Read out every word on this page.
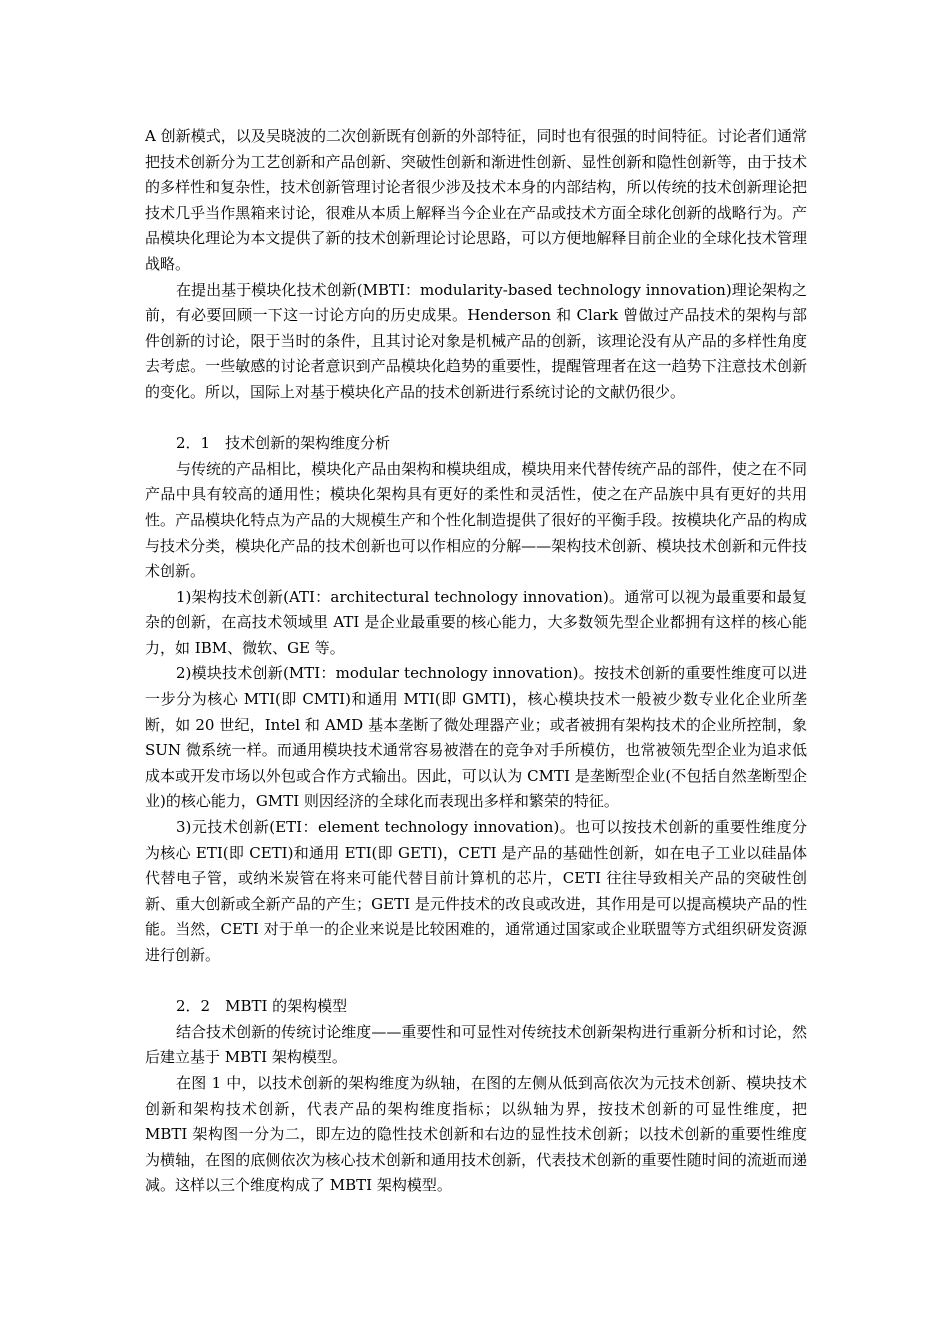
A 创新模式，以及吴晓波的二次创新既有创新的外部特征，同时也有很强的时间特征。讨论者们通常把技术创新分为工艺创新和产品创新、突破性创新和渐进性创新、显性创新和隐性创新等，由于技术的多样性和复杂性，技术创新管理讨论者很少涉及技术本身的内部结构，所以传统的技术创新理论把技术几乎当作黑箱来讨论，很难从本质上解释当今企业在产品或技术方面全球化创新的战略行为。产品模块化理论为本文提供了新的技术创新理论讨论思路，可以方便地解释目前企业的全球化技术管理战略。

在提出基于模块化技术创新(MBTI：modularity-based technology innovation)理论架构之前，有必要回顾一下这一讨论方向的历史成果。Henderson 和 Clark 曾做过产品技术的架构与部件创新的讨论，限于当时的条件，且其讨论对象是机械产品的创新，该理论没有从产品的多样性角度去考虑。一些敏感的讨论者意识到产品模块化趋势的重要性，提醒管理者在这一趋势下注意技术创新的变化。所以，国际上对基于模块化产品的技术创新进行系统讨论的文献仍很少。

2．1　技术创新的架构维度分析

与传统的产品相比，模块化产品由架构和模块组成，模块用来代替传统产品的部件，使之在不同产品中具有较高的通用性；模块化架构具有更好的柔性和灵活性，使之在产品族中具有更好的共用性。产品模块化特点为产品的大规模生产和个性化制造提供了很好的平衡手段。按模块化产品的构成与技术分类，模块化产品的技术创新也可以作相应的分解——架构技术创新、模块技术创新和元件技术创新。

1)架构技术创新(ATI：architectural technology innovation)。通常可以视为最重要和最复杂的创新，在高技术领域里 ATI 是企业最重要的核心能力，大多数领先型企业都拥有这样的核心能力，如 IBM、微软、GE 等。

2)模块技术创新(MTI：modular technology innovation)。按技术创新的重要性维度可以进一步分为核心 MTI(即 CMTI)和通用 MTI(即 GMTI)，核心模块技术一般被少数专业化企业所垄断，如 20 世纪，Intel 和 AMD 基本垄断了微处理器产业；或者被拥有架构技术的企业所控制，象 SUN 微系统一样。而通用模块技术通常容易被潜在的竞争对手所模仿，也常被领先型企业为追求低成本或开发市场以外包或合作方式输出。因此，可以认为 CMTI 是垄断型企业(不包括自然垄断型企业)的核心能力，GMTI 则因经济的全球化而表现出多样和繁荣的特征。

3)元技术创新(ETI：element technology innovation)。也可以按技术创新的重要性维度分为核心 ETI(即 CETI)和通用 ETI(即 GETI)，CETI 是产品的基础性创新，如在电子工业以硅晶体代替电子管，或纳米炭管在将来可能代替目前计算机的芯片，CETI 往往导致相关产品的突破性创新、重大创新或全新产品的产生；GETI 是元件技术的改良或改进，其作用是可以提高模块产品的性能。当然，CETI 对于单一的企业来说是比较困难的，通常通过国家或企业联盟等方式组织研发资源进行创新。

2．2　MBTI 的架构模型

结合技术创新的传统讨论维度——重要性和可显性对传统技术创新架构进行重新分析和讨论，然后建立基于 MBTI 架构模型。

在图 1 中，以技术创新的架构维度为纵轴，在图的左侧从低到高依次为元技术创新、模块技术创新和架构技术创新，代表产品的架构维度指标；以纵轴为界，按技术创新的可显性维度，把　MBTI 架构图一分为二，即左边的隐性技术创新和右边的显性技术创新；以技术创新的重要性维度为横轴，在图的底侧依次为核心技术创新和通用技术创新，代表技术创新的重要性随时间的流逝而递减。这样以三个维度构成了 MBTI 架构模型。
